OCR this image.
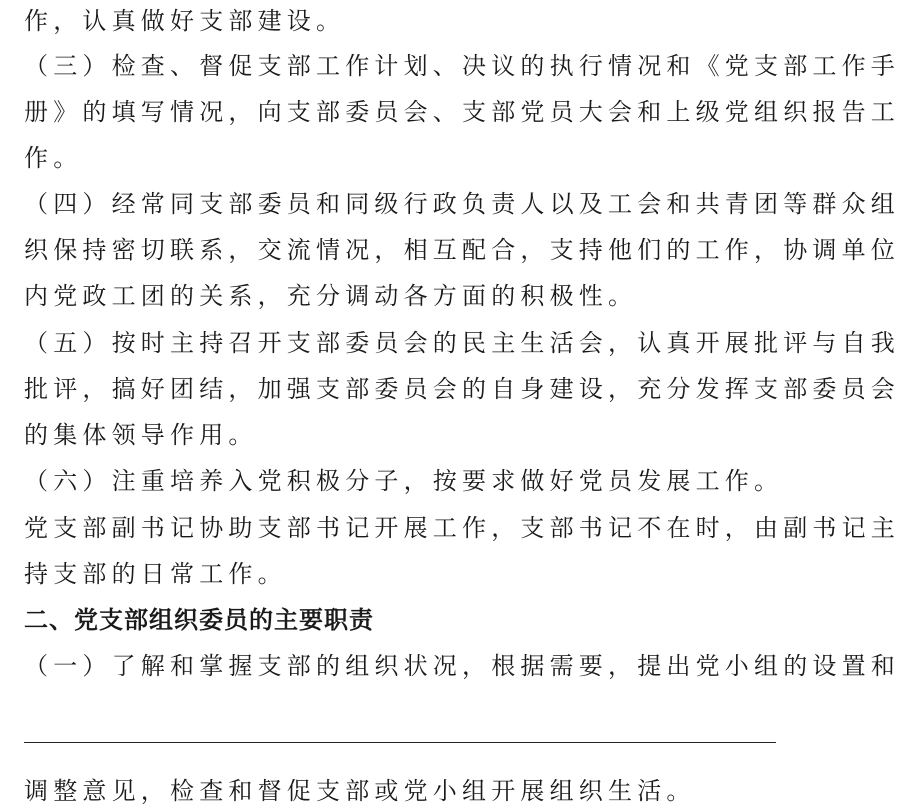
作，认真做好支部建设。
（三）检查、督促支部工作计划、决议的执行情况和《党支部工作手
册》的填写情况，向支部委员会、支部党员大会和上级党组织报告工
作。
（四）经常同支部委员和同级行政负责人以及工会和共青团等群众组
织保持密切联系，交流情况，相互配合，支持他们的工作，协调单位
内党政工团的关系，充分调动各方面的积极性。
（五）按时主持召开支部委员会的民主生活会，认真开展批评与自我
批评，搞好团结，加强支部委员会的自身建设，充分发挥支部委员会
的集体领导作用。
（六）注重培养入党积极分子，按要求做好党员发展工作。
党支部副书记协助支部书记开展工作，支部书记不在时，由副书记主
持支部的日常工作。
二、党支部组织委员的主要职责
（一）了解和掌握支部的组织状况，根据需要，提出党小组的设置和
调整意见，检查和督促支部或党小组开展组织生活。
